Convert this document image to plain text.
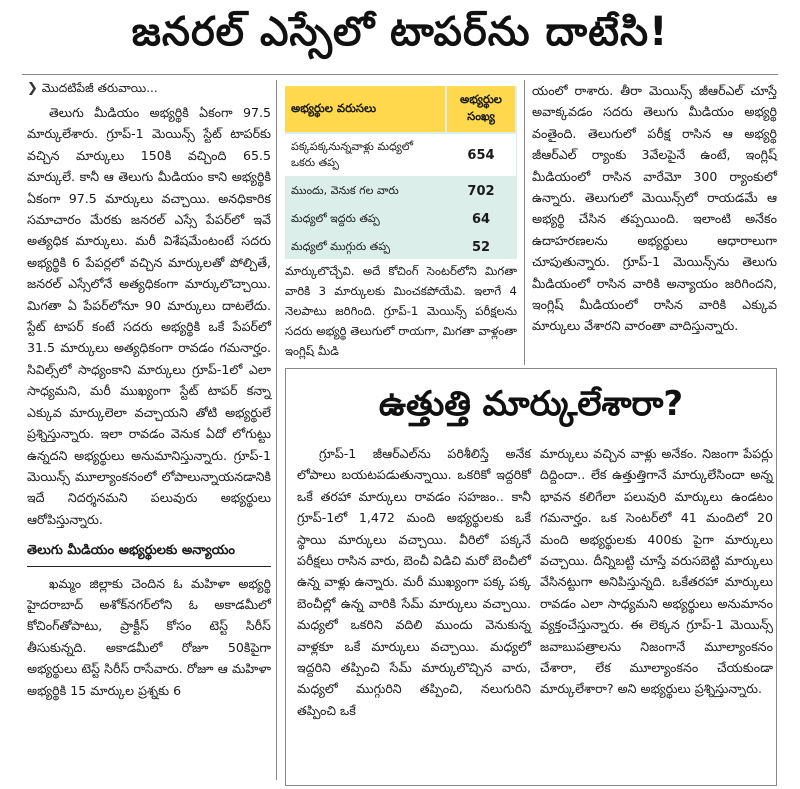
జనరల్ ఎస్సేలో టాపర్‌ను దాటేసి!
❯ మొదటిపేజీ తరువాయి...

తెలుగు మీడియం అభ్యర్థికి ఏకంగా 97.5 మార్కులేశారు. గ్రూప్‌-1 మెయిన్స్‌ స్టేట్‌ టాపర్‌కు వచ్చిన మార్కులు 150కి వచ్చింది 65.5 మార్కులే. కానీ ఆ తెలుగు మీడియం కాని అభ్యర్థికి ఏకంగా 97.5 మార్కులు వచ్చాయి. అనధికారిక సమాచారం మేరకు జనరల్‌ ఎస్సే పేపర్‌లో ఇవే అత్యధిక మార్కులు. మరీ విశేషమేంటంటే సదరు అభ్యర్థికి 6 పేపర్లలో వచ్చిన మార్కులతో పోల్చితే, జనరల్‌ ఎస్సేలోనే అత్యధికంగా మార్కులొచ్చాయి. మిగతా ఏ పేపర్‌లోనూ 90 మార్కులు దాటలేదు. స్టేట్‌ టాపర్‌ కంటే సదరు అభ్యర్థికి ఒకే పేపర్‌లో 31.5 మార్కులు అత్యధికంగా రావడం గమనార్హం. సివిల్స్‌లో సాధ్యంకాని మార్కులు గ్రూప్‌-1లో ఎలా సాధ్యమని, మరీ ముఖ్యంగా స్టేట్‌ టాపర్‌ కన్నా ఎక్కువ మార్కులెలా వచ్చాయని తోటి అభ్యర్థులే ప్రశ్నిస్తున్నారు. ఇలా రావడం వెనుక ఏదో లోగుట్టు ఉన్నదని అభ్యర్థులు అనుమానిస్తున్నారు. గ్రూప్‌-1 మెయిన్స్‌ మూల్యాంకనంలో లోపాలున్నాయనడానికి ఇదే నిదర్శనమని పలువురు అభ్యర్థులు ఆరోపిస్తున్నారు.

తెలుగు మీడియం అభ్యర్థులకు అన్యాయం

ఖమ్మం జిల్లాకు చెందిన ఓ మహిళా అభ్యర్థి హైదరాబాద్‌ అశోక్‌నగర్‌లోని ఓ అకాడమీలో కోచింగ్‌తోపాటు, ప్రాక్టీస్‌ కోసం టెస్ట్‌ సిరీస్‌ తీసుకున్నది. అకాడమీలో రోజూ 50కిపైగా అభ్యర్థులు టెస్ట్‌ సిరీస్‌ రాసేవారు. రోజూ ఆ మహిళా అభ్యర్థికి 15 మార్కుల ప్రశ్నకు 6

అభ్యర్థుల వరుసలు	అభ్యర్థుల సంఖ్య
పక్కపక్కనున్నవాళ్లు మధ్యలో ఒకరు తప్ప	654
ముందు, వెనుక గల వారు	702
మధ్యలో ఇద్దరు తప్ప	64
మధ్యలో ముగ్గురు తప్ప	52

మార్కులొచ్చేవి. అదే కోచింగ్‌ సెంటర్‌లోని మిగతా వారికి 3 మార్కులకు మించకపోయేవి. ఇలాగే 4 నెలపాటు జరిగింది. గ్రూప్‌-1 మెయిన్స్‌ పరీక్షలను సదరు అభ్యర్థి తెలుగులో రాయగా, మిగతా వాళ్లంతా ఇంగ్లిష్‌ మీడి

యంలో రాశారు. తీరా మెయిన్స్‌ జీఆర్‌ఎల్‌ చూస్తే అవాక్కవడం సదరు తెలుగు మీడియం అభ్యర్థి వంతైంది. తెలుగులో పరీక్ష రాసిన ఆ అభ్యర్థి జీఆర్‌ఎల్‌ ర్యాంకు 3వేలపైనే ఉంటే, ఇంగ్లిష్‌ మీడియంలో రాసిన వారేమో 300 ర్యాంకులో ఉన్నారు. తెలుగులో మెయిన్స్‌లో రాయడమే ఆ అభ్యర్థి చేసిన తప్పయింది. ఇలాంటి అనేకం ఉదాహరణలను అభ్యర్థులు ఆధారాలుగా చూపుతున్నారు. గ్రూప్‌-1 మెయిన్స్‌ను తెలుగు మీడియంలో రాసిన వారికి అన్యాయం జరిగిందని, ఇంగ్లిష్‌ మీడియంలో రాసిన వారికి ఎక్కువ మార్కులు వేశారని వారంతా వాదిస్తున్నారు.

ఉత్తుత్తి మార్కులేశారా?

గ్రూప్‌-1 జీఆర్‌ఎల్‌ను పరిశీలిస్తే అనేక లోపాలు బయటపడుతున్నాయి. ఒకరికో ఇద్దరికో ఒకే తరహా మార్కులు రావడం సహజం.. కానీ గ్రూప్‌-1లో 1,472 మంది అభ్యర్థులకు ఒకే స్థాయి మార్కులు వచ్చాయి. వీరిలో పక్కనే పరీక్షలు రాసిన వారు, బెంచీ విడిచి మరో బెంచీలో ఉన్న వాళ్లు ఉన్నారు. మరీ ముఖ్యంగా పక్క పక్క బెంచీల్లో ఉన్న వారికి సేమ్‌ మార్కులు వచ్చాయి. మధ్యలో ఒకరిని వదిలి ముందు వెనుకున్న వాళ్లకూ ఒకే మార్కులు వచ్చాయి. మధ్యలో ఇద్దరిని తప్పించి సేమ్‌ మార్కులొచ్చిన వారు, మధ్యలో ముగ్గురిని తప్పించి, నలుగురిని తప్పించి ఒకే

మార్కులు వచ్చిన వాళ్లు అనేకం. నిజంగా పేపర్లు దిద్దిందా.. లేక ఉత్తుత్తిగానే మార్కులేసిందా అన్న భావన కలిగేలా పలువురి మార్కులు ఉండటం గమనార్హం. ఒక సెంటర్‌లో 41 మందిలో 20 మంది అభ్యర్థులకు 400కు పైగా మార్కులు వచ్చాయి. దీన్నిబట్టి చూస్తే వరుసబెట్టి మార్కులు వేసినట్టుగా అనిపిస్తున్నది. ఒకేతరహా మార్కులు రావడం ఎలా సాధ్యమని అభ్యర్థులు అనుమానం వ్యక్తంచేస్తున్నారు. ఈ లెక్కన గ్రూప్‌-1 మెయిన్స్‌ జవాబుపత్రాలను నిజంగానే మూల్యాంకనం చేశారా, లేక మూల్యాంకనం చేయకుండా మార్కులేశారా? అని అభ్యర్థులు ప్రశ్నిస్తున్నారు.
